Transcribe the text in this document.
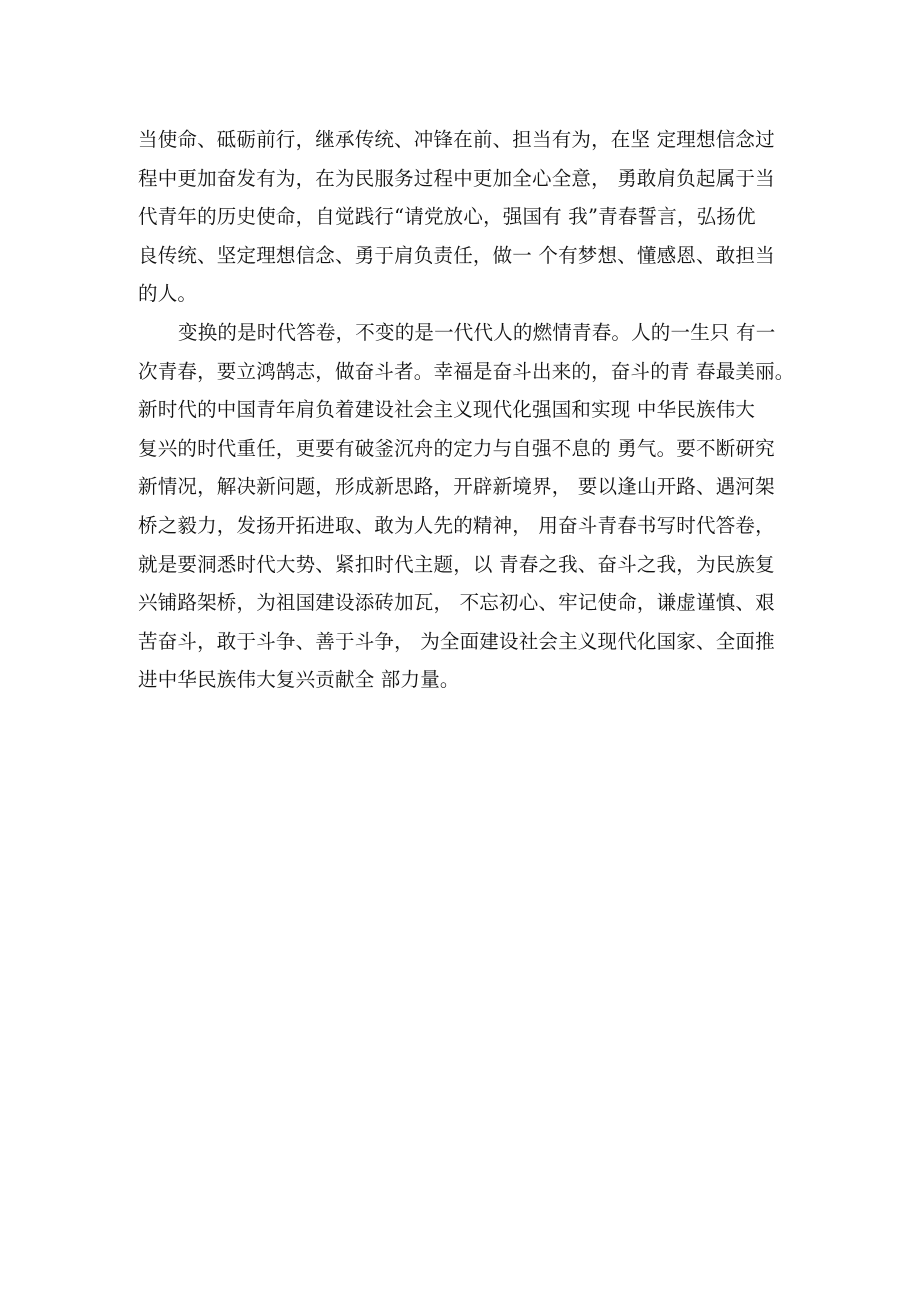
当使命、砥砺前行，继承传统、冲锋在前、担当有为，在坚 定理想信念过
程中更加奋发有为，在为民服务过程中更加全心全意， 勇敢肩负起属于当
代青年的历史使命，自觉践行“请党放心，强国有 我”青春誓言，弘扬优
良传统、坚定理想信念、勇于肩负责任，做一 个有梦想、懂感恩、敢担当
的人。
变换的是时代答卷，不变的是一代代人的燃情青春。人的一生只 有一
次青春，要立鸿鹄志，做奋斗者。幸福是奋斗出来的，奋斗的青 春最美丽。
新时代的中国青年肩负着建设社会主义现代化强国和实现 中华民族伟大
复兴的时代重任，更要有破釜沉舟的定力与自强不息的 勇气。要不断研究
新情况，解决新问题，形成新思路，开辟新境界， 要以逢山开路、遇河架
桥之毅力，发扬开拓进取、敢为人先的精神， 用奋斗青春书写时代答卷，
就是要洞悉时代大势、紧扣时代主题，以 青春之我、奋斗之我，为民族复
兴铺路架桥，为祖国建设添砖加瓦， 不忘初心、牢记使命，谦虚谨慎、艰
苦奋斗，敢于斗争、善于斗争， 为全面建设社会主义现代化国家、全面推
进中华民族伟大复兴贡献全 部力量。
